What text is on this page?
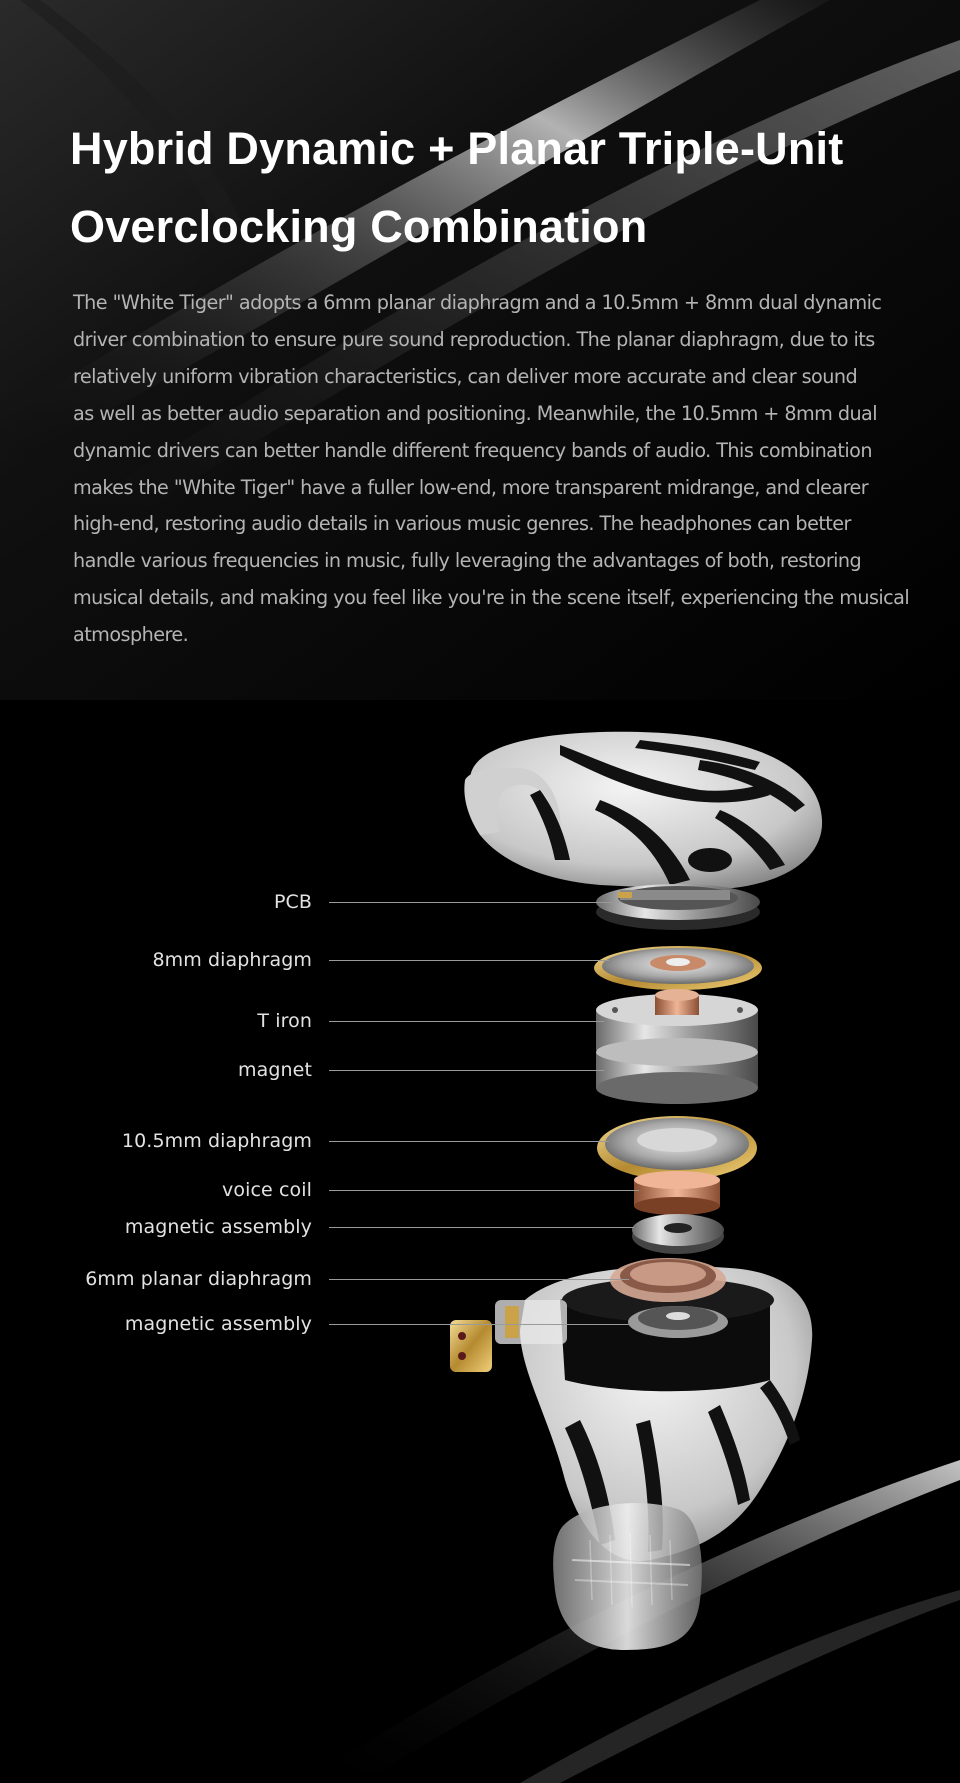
Hybrid Dynamic + Planar Triple-Unit
Overclocking Combination

The "White Tiger" adopts a 6mm planar diaphragm and a 10.5mm + 8mm dual dynamic
driver combination to ensure pure sound reproduction. The planar diaphragm, due to its
relatively uniform vibration characteristics, can deliver more accurate and clear sound
as well as better audio separation and positioning. Meanwhile, the 10.5mm + 8mm dual
dynamic drivers can better handle different frequency bands of audio. This combination
makes the "White Tiger" have a fuller low-end, more transparent midrange, and clearer
high-end, restoring audio details in various music genres. The headphones can better
handle various frequencies in music, fully leveraging the advantages of both, restoring
musical details, and making you feel like you're in the scene itself, experiencing the musical
atmosphere.

PCB
8mm diaphragm
T iron
magnet
10.5mm diaphragm
voice coil
magnetic assembly
6mm planar diaphragm
magnetic assembly
